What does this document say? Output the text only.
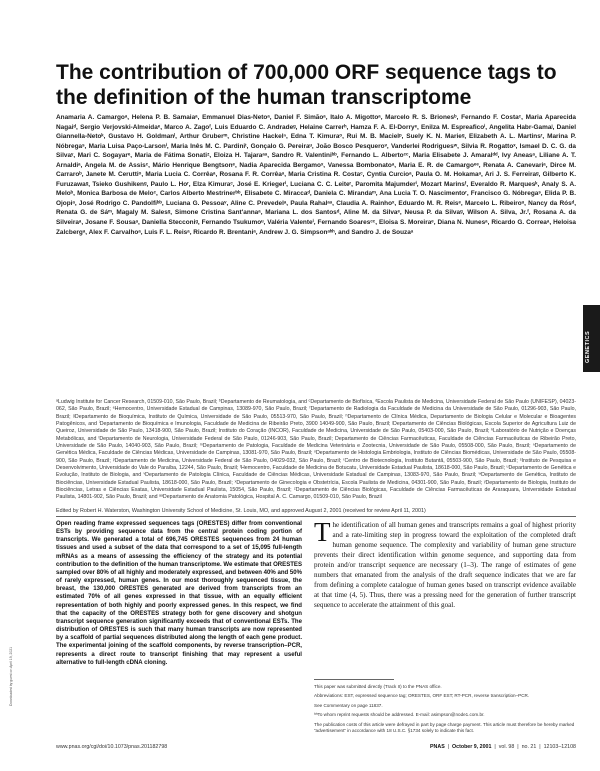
The contribution of 700,000 ORF sequence tags to the definition of the human transcriptome
Anamaria A. Camargoᵃ, Helena P. B. Samaiaᵃ, Emmanuel Dias-Netoᵃ, Daniel F. Simãoᵃ, Italo A. Migottoᵃ, Marcelo R. S. Brionesᵇ, Fernando F. Costaᶜ, Maria Aparecida Nagaiᵈ, Sergio Verjovski-Almeidaᵉ, Marco A. Zagoᶠ, Luis Eduardo C. Andradeᵍ, Helaine Carrerʰ, Hamza F. A. El-Dorryᵉ, Enilza M. Espreaficoⁱ, Angelita Habr-Gamaʲ, Daniel Giannella-Netoᵏ, Gustavo H. Goldmanˡ, Arthur Gruberᵐ, Christine Hackelⁿ, Edna T. Kimuraᵒ, Rui M. B. Macielᵖ, Suely K. N. Marieᵍ, Elizabeth A. L. Martinsʳ, Marina P. Nóbregaˢ, Maria Luisa Paço-Larsonⁱ, Maria Inês M. C. Pardiniᵗ, Gonçalo G. Pereiraᵘ, João Bosco Pesqueroᵛ, Vanderlei Rodriguesʷ, Silvia R. Rogattoˣ, Ismael D. C. G. da Silvaʸ, Mari C. Sogayarᵉ, Maria de Fátima Sonatiᶻ, Eloiza H. Tajaraᵃᵃ, Sandro R. Valentiniᵇᵇ, Fernando L. Albertoᶜᶜ, Maria Elisabete J. Amaralᵈᵈ, Ivy Aneasᵃ, Liliane A. T. Arnaldiᵃ, Angela M. de Assisᶜ, Mário Henrique Bengtsonᵉ, Nadia Aparecida Bergamoˣ, Vanessa Bombonatoᵃ, Maria E. R. de Camargoᵉᵉ, Renata A. Canevariᵃ, Dirce M. Carraroᵇ, Janete M. Ceruttiᵒ, Maria Lucia C. Corrêaᵃ, Rosana F. R. Corrêaᵃ, Maria Cristina R. Costaᶜ, Cyntia Curcioᵃ, Paula O. M. Hokamaᵃ, Ari J. S. Ferreiraᵍ, Gilberto K. Furuzawaᵍ, Tsieko Gushikenᵍ, Paulo L. Hoʳ, Elza Kimuraᶜ, José E. Kriegerⁱ, Luciana C. C. Leiteʳ, Paromita Majumderⁱ, Mozart Marinsᶠ, Everaldo R. Marquesᵏ, Analy S. A. Meloᵇ, Monica Barbosa de Meloᶜ, Carlos Alberto Mestrinerᵇᵇ, Elisabete C. Miraccaᵈ, Daniela C. Mirandaᵐ, Ana Lucia T. O. Nascimentoʳ, Francisco G. Nóbregaˢ, Elida P. B. Ojopiᵃ, José Rodrigo C. Pandolfiᵇᵇ, Luciana G. Pessoaᵛ, Aline C. Prevedelᵃ, Paula Rahalᵃᵃ, Claudia A. Rainhoˣ, Eduardo M. R. Reisᵉ, Marcelo L. Ribeiroᵘ, Nancy da Rósᵈ, Renata G. de Sáᵐ, Magaly M. Salesᵍ, Simone Cristina Sant'annaᵃ, Mariana L. dos Santosᵈ, Aline M. da Silvaᵉ, Neusa P. da Silvaᵍ, Wilson A. Silva, Jr.ᶠ, Rosana A. da Silveiraᵃ, Josane F. Sousaᵃ, Daniella Stecconiᵍ, Fernando Tsukumoᵘ, Valéria Valenteⁱ, Fernando Soaresᶜᶜ, Eloisa S. Moreiraᵉ, Diana N. Nunesᵃ, Ricardo G. Correaᵃ, Heloisa Zalcbergᵃ, Alex F. Carvalhoᵃ, Luis F. L. Reisᵃ, Ricardo R. Brentaniᵃ, Andrew J. G. Simpsonᵃʰʰ, and Sandro J. de Souzaᵃ
ᵃLudwig Institute for Cancer Research, 01509-010, São Paulo, Brazil; ᵇDepartamento de Reumatologia, and ᶜDepartamento de Biofísica, ᵈEscola Paulista de Medicina, Universidade Federal de São Paulo (UNIFESP), 04023-062, São Paulo, Brazil; ᵉHemocentro, Universidade Estadual de Campinas, 13089-970, São Paulo, Brazil; ᶠDepartamento de Radiologia da Faculdade de Medicina da Universidade de São Paulo, 01296-903, São Paulo, Brazil; ᵍDepartamento de Bioquímica, Instituto de Química, Universidade de São Paulo, 05513-970, São Paulo, Brazil; ʰDepartamento de Clínica Médica, Departamento de Biologia Celular e Molecular e Bioagentes Patogênicos, and ⁱDepartamento de Bioquímica e Imunologia, Faculdade de Medicina de Ribeirão Preto, 3900 14049-900, São Paulo, Brazil; ʲDepartamento de Ciências Biológicas, Escola Superior de Agricultura Luiz de Queiroz, Universidade de São Paulo, 13418-900, São Paulo, Brazil; Instituto do Coração (INCOR), Faculdade de Medicina, Universidade de São Paulo, 05403-000, São Paulo, Brazil; ᵏLaboratório de Nutrição e Doenças Metabólicas, and ˡDepartamento de Neurologia, Universidade Federal de São Paulo, 01246-903, São Paulo, Brazil; Departamento de Ciências Farmacêuticas, Faculdade de Ciências Farmacêuticas de Ribeirão Preto, Universidade de São Paulo, 14040-903, São Paulo, Brazil; ᵐDepartamento de Patologia, Faculdade de Medicina Veterinária e Zootecnia, Universidade de São Paulo, 05508-000, São Paulo, Brazil; ⁿDepartamento de Genética Médica, Faculdade de Ciências Médicas, Universidade de Campinas, 13081-970, São Paulo, Brazil; ᵒDepartamento de Histologia Embriologia, Instituto de Ciências Biomédicas, Universidade de São Paulo, 05508-900, São Paulo, Brazil; ᵖDepartamento de Medicina, Universidade Federal de São Paulo, 04029-032, São Paulo, Brazil; ʳCentro de Biotecnologia, Instituto Butantã, 05503-900, São Paulo, Brazil; ˢInstituto de Pesquisa e Desenvolvimento, Universidade do Vale do Paraíba, 12244, São Paulo, Brazil; ᵗHemocentro, Faculdade de Medicina de Botucatu, Universidade Estadual Paulista, 18618-000, São Paulo, Brazil; ᵘDepartamento de Genética e Evolução, Instituto de Biologia, and ᵛDepartamento de Patologia Clínica, Faculdade de Ciências Médicas, Universidade Estadual de Campinas, 13083-970, São Paulo, Brazil; ʷDepartamento de Genética, Instituto de Biociências, Universidade Estadual Paulista, 18618-000, São Paulo, Brazil; ˣDepartamento de Ginecologia e Obstetrícia, Escola Paulista de Medicina, 04301-900, São Paulo, Brazil; ʸDepartamento de Biologia, Instituto de Biociências, Letras e Ciências Exatas, Universidade Estadual Paulista, 15054, São Paulo, Brazil; ᶻDepartamento de Ciências Biológicas, Faculdade de Ciências Farmacêuticas de Araraquara, Universidade Estadual Paulista, 14801-902, São Paulo, Brazil; and ᵃᵃDepartamento de Anatomia Patológica, Hospital A. C. Camargo, 01509-010, São Paulo, Brazil
Edited by Robert H. Waterston, Washington University School of Medicine, St. Louis, MO, and approved August 2, 2001 (received for review April 11, 2001)
Open reading frame expressed sequences tags (ORESTES) differ from conventional ESTs by providing sequence data from the central protein coding portion of transcripts. We generated a total of 696,745 ORESTES sequences from 24 human tissues and used a subset of the data that correspond to a set of 15,095 full-length mRNAs as a means of assessing the efficiency of the strategy and its potential contribution to the definition of the human transcriptome. We estimate that ORESTES sampled over 80% of all highly and moderately expressed, and between 40% and 50% of rarely expressed, human genes. In our most thoroughly sequenced tissue, the breast, the 130,000 ORESTES generated are derived from transcripts from an estimated 70% of all genes expressed in that tissue, with an equally efficient representation of both highly and poorly expressed genes. In this respect, we find that the capacity of the ORESTES strategy both for gene discovery and shotgun transcript sequence generation significantly exceeds that of conventional ESTs. The distribution of ORESTES is such that many human transcripts are now represented by a scaffold of partial sequences distributed along the length of each gene product. The experimental joining of the scaffold components, by reverse transcription–PCR, represents a direct route to transcript finishing that may represent a useful alternative to full-length cDNA cloning.
The identification of all human genes and transcripts remains a goal of highest priority and a rate-limiting step in progress toward the exploitation of the completed draft human genome sequence. The complexity and variability of human gene structure prevents their direct identification within genome sequence, and supporting data from protein and/or transcript sequence are necessary (1–3). The range of estimates of gene numbers that emanated from the analysis of the draft sequence indicates that we are far from defining a complete catalogue of human genes based on transcript evidence available at that time (4, 5). Thus, there was a pressing need for the generation of further transcript sequence to accelerate the attainment of this goal.

This paper was submitted directly (Track II) to the PNAS office.

Abbreviations: EST, expressed sequence tag; ORESTES, ORF EST; RT-PCR, reverse transcription–PCR.

See Commentary on page 11837.

ʰʰTo whom reprint requests should be addressed. E-mail: asimpson@node1.com.br.

The publication costs of this article were defrayed in part by page charge payment. This article must therefore be hereby marked “advertisement” in accordance with 18 U.S.C. §1734 solely to indicate this fact.

www.pnas.org/cgi/doi/10.1073/pnas.201182798	PNAS  |  October 9, 2001  |  vol. 98  |  no. 21  |  12103–12108
GENETICS
Downloaded by guest on April 19, 2021
